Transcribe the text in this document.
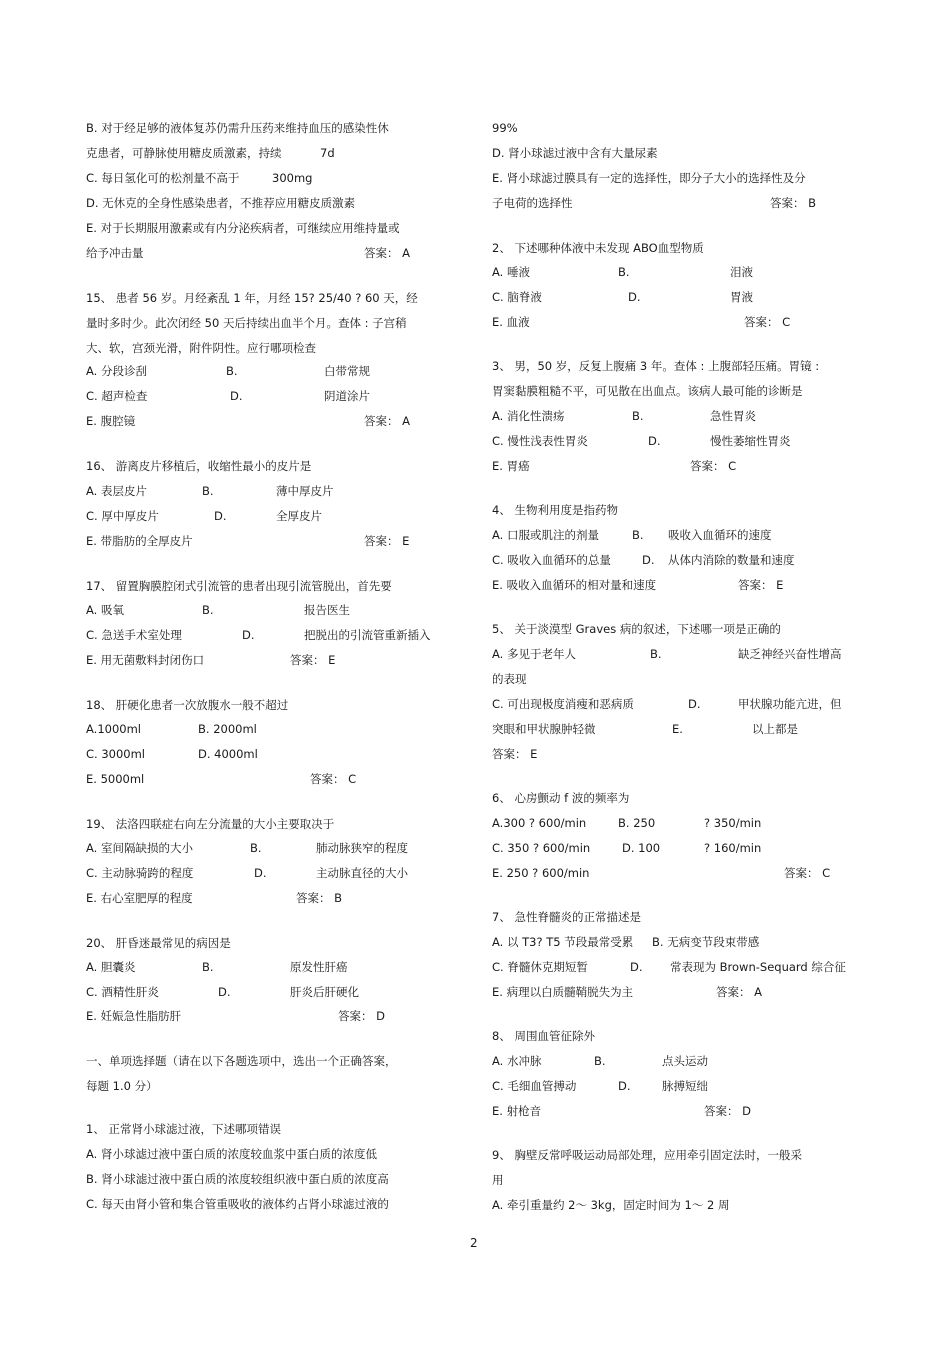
B. 对于经足够的液体复苏仍需升压药来维持血压的感染性休
克患者，可静脉使用糖皮质激素，持续	7d
C. 每日氢化可的松剂量不高于	300mg
D. 无休克的全身性感染患者，不推荐应用糖皮质激素
E. 对于长期服用激素或有内分泌疾病者，可继续应用维持量或
给予冲击量	答案： A
15、 患者 56 岁。月经紊乱 1 年，月经 15? 25/40 ? 60 天，经
量时多时少。此次闭经 50 天后持续出血半个月。查体 : 子宫稍
大、软，宫颈光滑，附件阴性。应行哪项检查
A. 分段诊刮	B.	白带常规
C. 超声检查	D.	阴道涂片
E. 腹腔镜	答案： A
16、 游离皮片移植后，收缩性最小的皮片是
A. 表层皮片	B.	薄中厚皮片
C. 厚中厚皮片	D.	全厚皮片
E. 带脂肪的全厚皮片	答案： E
17、 留置胸膜腔闭式引流管的患者出现引流管脱出，首先要
A. 吸氧	B.	报告医生
C. 急送手术室处理	D.	把脱出的引流管重新插入
E. 用无菌敷料封闭伤口	答案： E
18、 肝硬化患者一次放腹水一般不超过
A.1000ml	B. 2000ml
C. 3000ml	D. 4000ml
E. 5000ml	答案： C
19、 法洛四联症右向左分流量的大小主要取决于
A. 室间隔缺损的大小	B.	肺动脉狭窄的程度
C. 主动脉骑跨的程度	D.	主动脉直径的大小
E. 右心室肥厚的程度	答案： B
20、 肝昏迷最常见的病因是
A. 胆囊炎	B.	原发性肝癌
C. 酒精性肝炎	D.	肝炎后肝硬化
E. 妊娠急性脂肪肝	答案： D
一、单项选择题（请在以下各题选项中，选出一个正确答案，
每题 1.0 分）
1、 正常肾小球滤过液，下述哪项错误
A. 肾小球滤过液中蛋白质的浓度较血浆中蛋白质的浓度低
B. 肾小球滤过液中蛋白质的浓度较组织液中蛋白质的浓度高
C. 每天由肾小管和集合管重吸收的液体约占肾小球滤过液的
99%
D. 肾小球滤过液中含有大量尿素
E. 肾小球滤过膜具有一定的选择性，即分子大小的选择性及分
子电荷的选择性	答案： B
2、 下述哪种体液中未发现 ABO血型物质
A. 唾液	B.	泪液
C. 脑脊液	D.	胃液
E. 血液	答案： C
3、 男，50 岁，反复上腹痛 3 年。查体 : 上腹部轻压痛。胃镜 :
胃窦黏膜粗糙不平，可见散在出血点。该病人最可能的诊断是
A. 消化性溃疡	B.	急性胃炎
C. 慢性浅表性胃炎	D.	慢性萎缩性胃炎
E. 胃癌	答案： C
4、 生物利用度是指药物
A. 口服或肌注的剂量	B. 吸收入血循环的速度
C. 吸收入血循环的总量	D. 从体内消除的数量和速度
E. 吸收入血循环的相对量和速度	答案： E
5、 关于淡漠型 Graves 病的叙述，下述哪一项是正确的
A. 多见于老年人	B.	缺乏神经兴奋性增高
的表现
C. 可出现极度消瘦和恶病质	D.	甲状腺功能亢进，但
突眼和甲状腺肿轻微	E.	以上都是
答案： E
6、 心房颤动 f 波的频率为
A.300 ? 600/min	B. 250	? 350/min
C. 350 ? 600/min	D. 100	? 160/min
E. 250 ? 600/min	答案： C
7、 急性脊髓炎的正常描述是
A. 以 T3? T5 节段最常受累 B. 无病变节段束带感
C. 脊髓休克期短暂	D. 常表现为 Brown-Sequard 综合征
E. 病理以白质髓鞘脱失为主	答案： A
8、 周围血管征除外
A. 水冲脉	B.	点头运动
C. 毛细血管搏动	D.	脉搏短绌
E. 射枪音	答案： D
9、 胸壁反常呼吸运动局部处理，应用牵引固定法时，一般采
用
A. 牵引重量约 2～ 3kg，固定时间为 1～ 2 周
2
